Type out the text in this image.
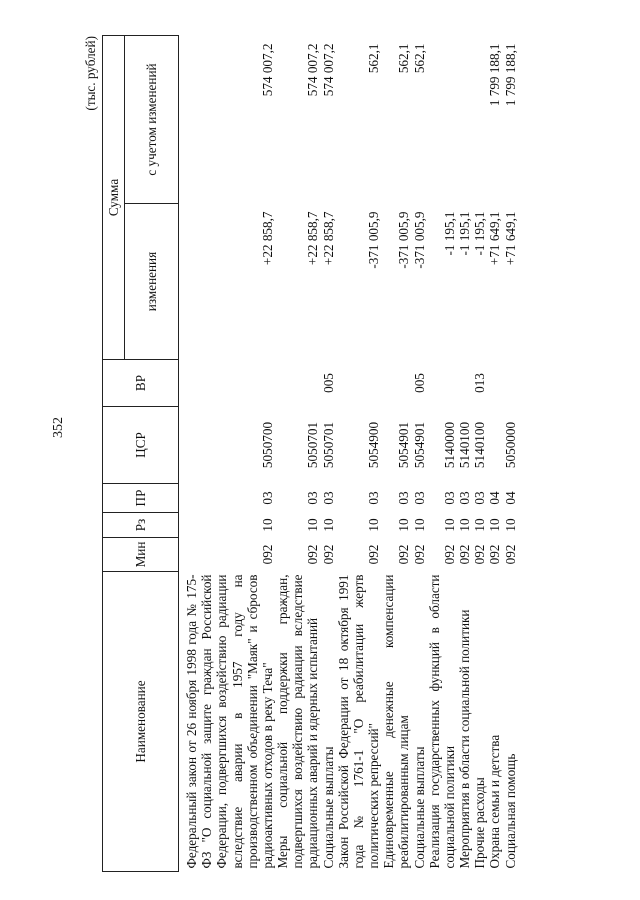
352
(тыс. рублей)
Наименование	Мин	Рз	ПР	ЦСР	ВР	Сумма	
						изменения	с учетом изменений
Федеральный закон от 26 ноября 1998 года № 175-ФЗ "О социальной защите граждан Российской Федерации, подвергшихся воздействию радиации вследствие аварии в 1957 году на производственном объединении "Маяк" и сбросов радиоактивных отходов в реку Теча"	092	10	03	5050700		+22 858,7	574 007,2
Меры социальной поддержки граждан, подвергшихся воздействию радиации вследствие радиационных аварий и ядерных испытаний	092	10	03	5050701		+22 858,7	574 007,2
Социальные выплаты	092	10	03	5050701	005	+22 858,7	574 007,2
Закон Российской Федерации от 18 октября 1991 года № 1761-1 "О реабилитации жертв политических репрессий"	092	10	03	5054900		-371 005,9	562,1
Единовременные денежные компенсации реабилитированным лицам	092	10	03	5054901		-371 005,9	562,1
Социальные выплаты	092	10	03	5054901	005	-371 005,9	562,1
Реализация государственных функций в области социальной политики	092	10	03	5140000		-1 195,1	
Мероприятия в области социальной политики	092	10	03	5140100		-1 195,1	
Прочие расходы	092	10	03	5140100	013	-1 195,1	
Охрана семьи и детства	092	10	04			+71 649,1	1 799 188,1
Социальная помощь	092	10	04	5050000		+71 649,1	1 799 188,1
